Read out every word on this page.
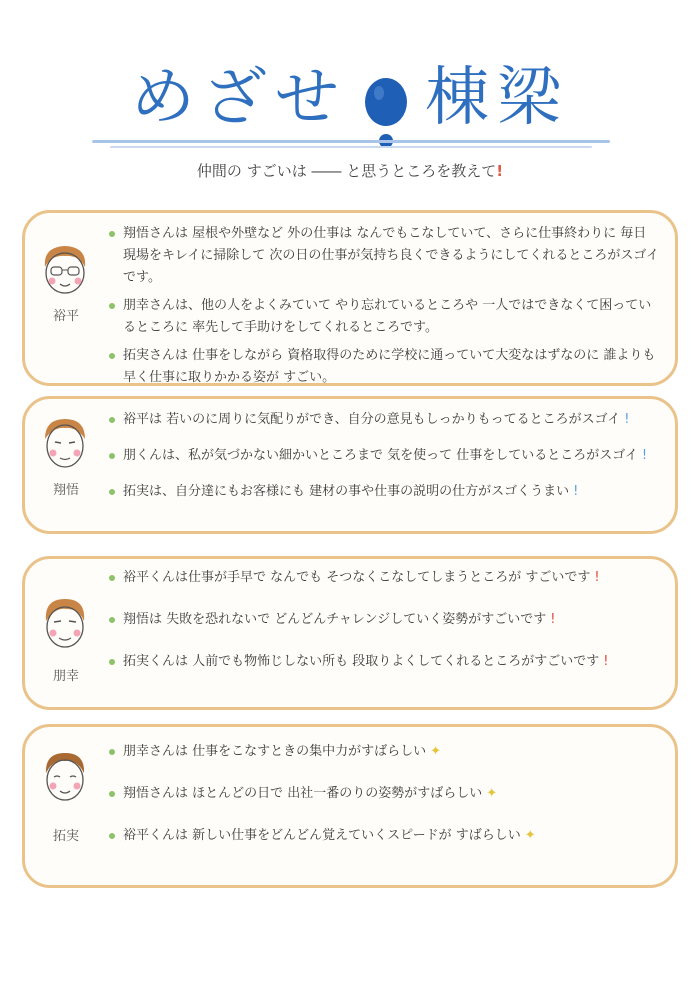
めざせ 棟梁
仲間の すごいは ―― と思うところを教えて!
裕平

翔悟さんは 屋根や外壁など 外の仕事は なんでもこなしていて、さらに仕事終わりに 毎日 現場をキレイに掃除して 次の日の仕事が気持ち良くできるようにしてくれるところがスゴイです。

朋幸さんは、他の人をよくみていて やり忘れているところや 一人ではできなくて困っているところに 率先して手助けをしてくれるところです。

拓実さんは 仕事をしながら 資格取得のために学校に通っていて大変なはずなのに 誰よりも 早く仕事に取りかかる姿が すごい。

翔悟

裕平は 若いのに周りに気配りができ、自分の意見もしっかりもってるところがスゴイ !

朋くんは、私が気づかない細かいところまで 気を使って 仕事をしているところがスゴイ !

拓実は、自分達にもお客様にも 建材の事や仕事の説明の仕方がスゴくうまい !

朋幸

裕平くんは仕事が手早で なんでも そつなくこなしてしまうところが すごいです !

翔悟は 失敗を恐れないで どんどんチャレンジしていく姿勢がすごいです !

拓実くんは 人前でも物怖じしない所も 段取りよくしてくれるところがすごいです !

拓実

朋幸さんは 仕事をこなすときの集中力がすばらしい ✦

翔悟さんは ほとんどの日で 出社一番のりの姿勢がすばらしい ✦

裕平くんは 新しい仕事をどんどん覚えていくスピードが すばらしい ✦
